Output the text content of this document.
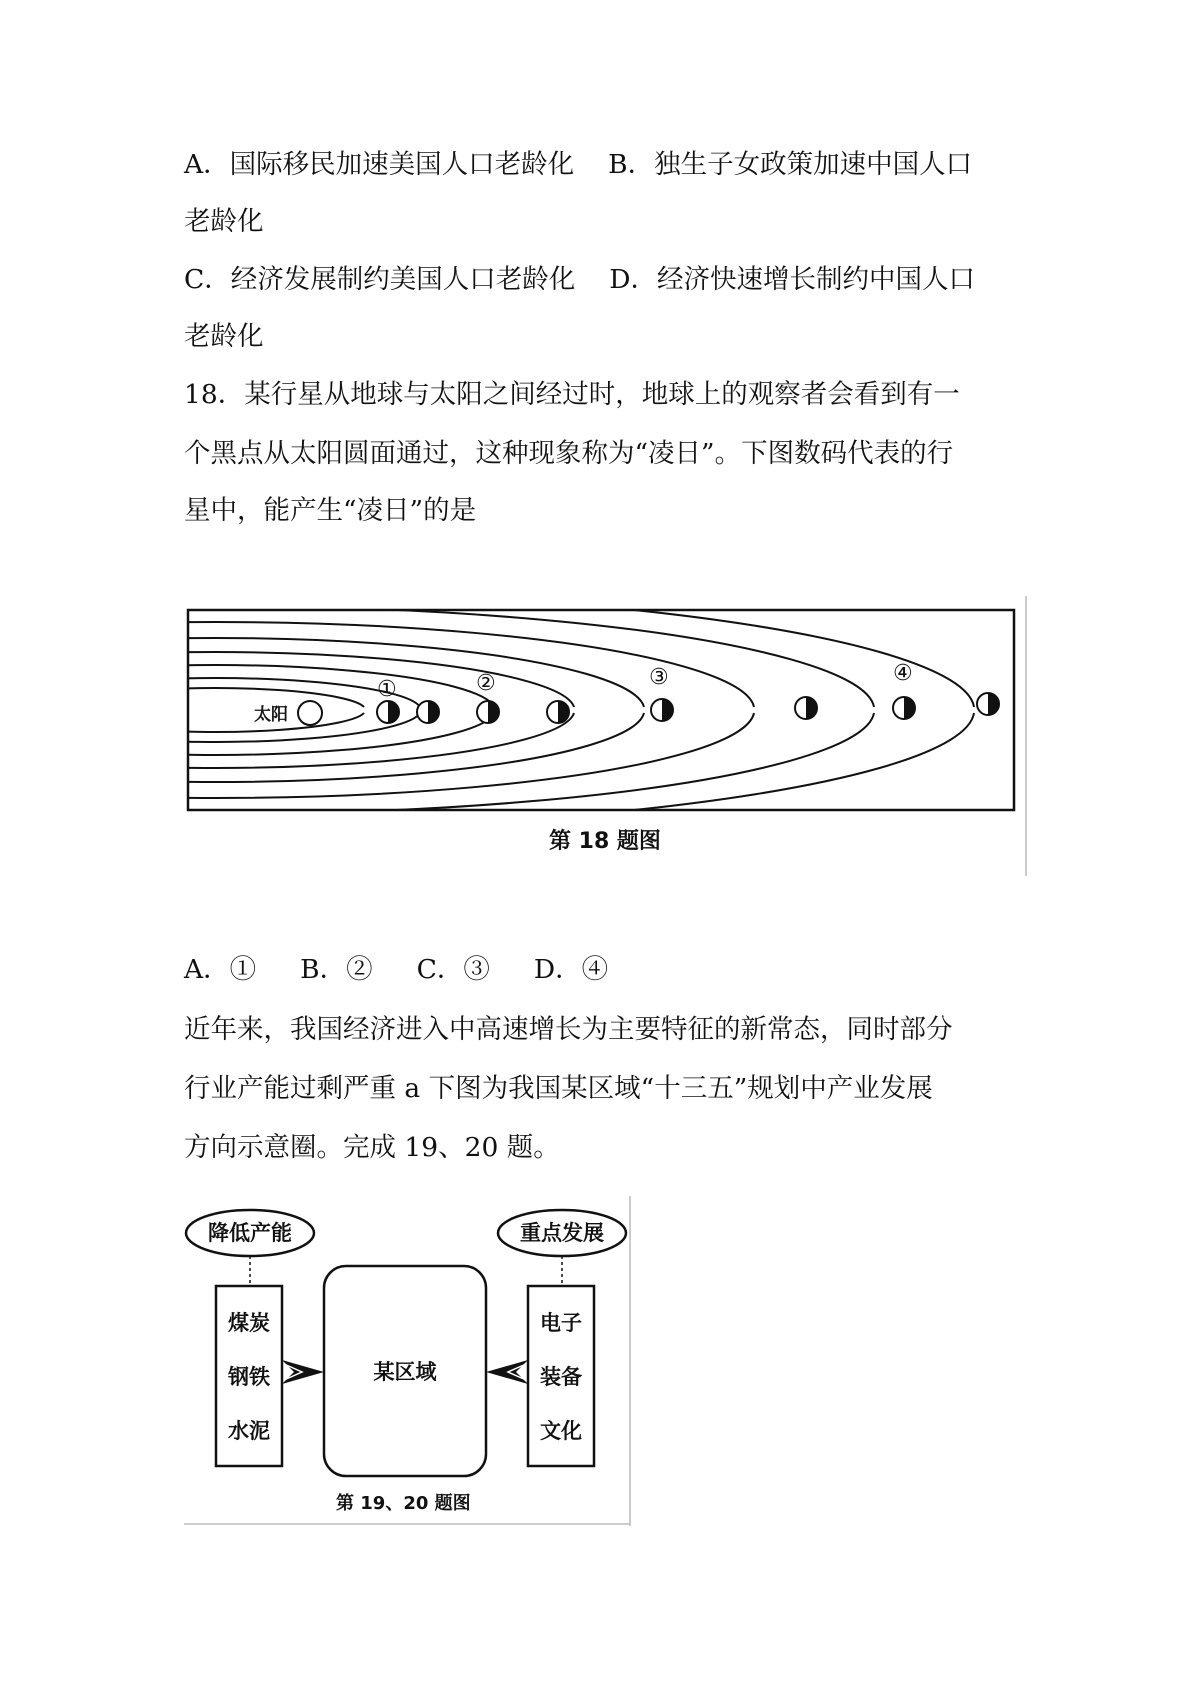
A．国际移民加速美国人口老龄化 B．独生子女政策加速中国人口
老龄化
C．经济发展制约美国人口老龄化 D．经济快速增长制约中国人口
老龄化
18．某行星从地球与太阳之间经过时，地球上的观察者会看到有一
个黑点从太阳圆面通过，这种现象称为“凌日”。下图数码代表的行
星中，能产生“凌日”的是
太阳
①	②	③	④
第 18 题图
A．① B．② C．③ D．④
近年来，我国经济进入中高速增长为主要特征的新常态，同时部分
行业产能过剩严重 a 下图为我国某区域“十三五”规划中产业发展
方向示意圈。完成 19、20 题。
降低产能	重点发展
煤炭
钢铁
水泥
电子
装备
文化
某区域
第 19、20 题图
